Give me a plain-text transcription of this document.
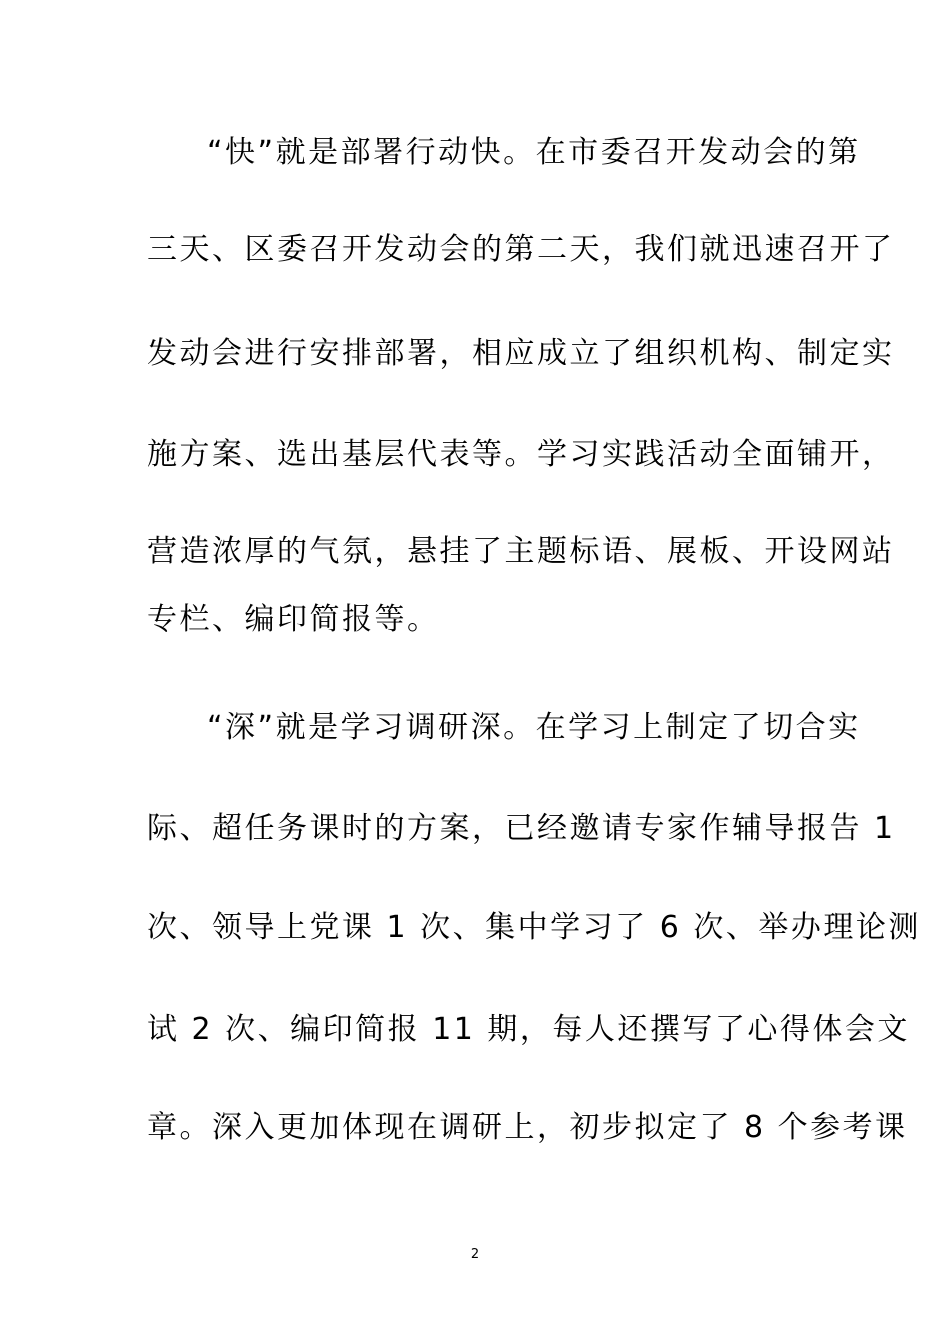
“快”就是部署行动快。在市委召开发动会的第
三天、区委召开发动会的第二天，我们就迅速召开了
发动会进行安排部署，相应成立了组织机构、制定实
施方案、选出基层代表等。学习实践活动全面铺开，
营造浓厚的气氛，悬挂了主题标语、展板、开设网站
专栏、编印简报等。
“深”就是学习调研深。在学习上制定了切合实
际、超任务课时的方案，已经邀请专家作辅导报告 1
次、领导上党课 1 次、集中学习了 6 次、举办理论测
试 2 次、编印简报 11 期，每人还撰写了心得体会文
章。深入更加体现在调研上，初步拟定了 8 个参考课
2
